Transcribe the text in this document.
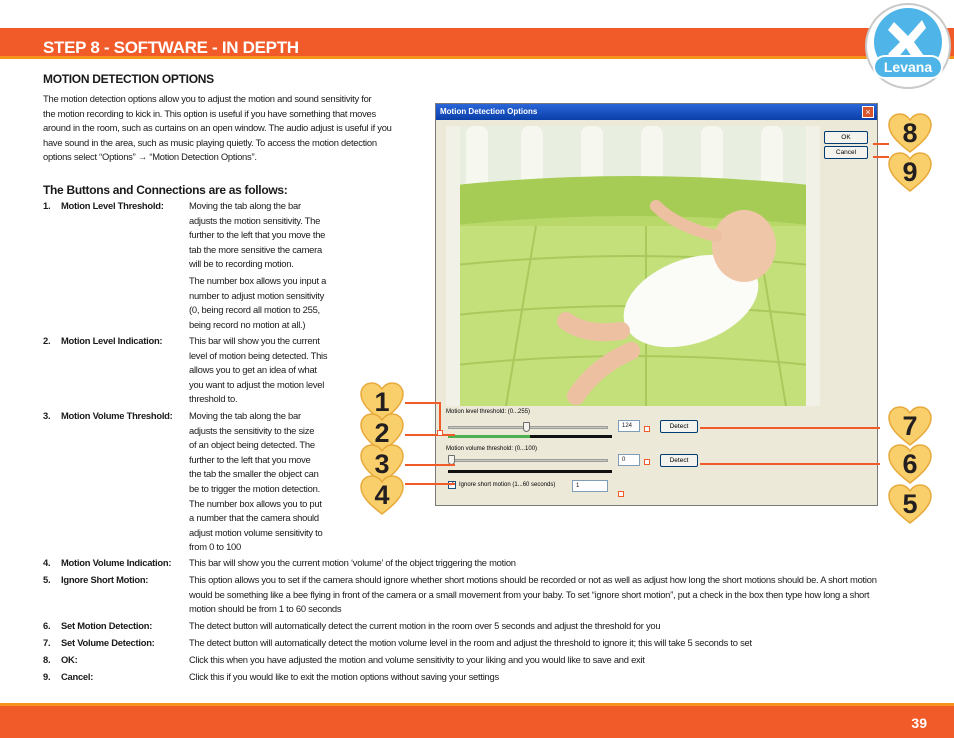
STEP 8 - SOFTWARE - IN DEPTH
Levana
MOTION DETECTION OPTIONS
The motion detection options allow you to adjust the motion and sound sensitivity for
the motion recording to kick in. This option is useful if you have something that moves
around in the room, such as curtains on an open window. The audio adjust is useful if you
have sound in the area, such as music playing quietly. To access the motion detection
options select “Options” → “Motion Detection Options”.
The Buttons and Connections are as follows:
1. Motion Level Threshold:	Moving the tab along the bar
adjusts the motion sensitivity. The
further to the left that you move the
tab the more sensitive the camera
will be to recording motion.
The number box allows you input a
number to adjust motion sensitivity
(0, being record all motion to 255,
being record no motion at all.)
2. Motion Level Indication:	This bar will show you the current
level of motion being detected. This
allows you to get an idea of what
you want to adjust the motion level
threshold to.
3. Motion Volume Threshold: Moving the tab along the bar
adjusts the sensitivity to the size
of an object being detected. The
further to the left that you move
the tab the smaller the object can
be to trigger the motion detection.
The number box allows you to put
a number that the camera should
adjust motion volume sensitivity to
from 0 to 100
4. Motion Volume Indication: This bar will show you the current motion ‘volume’ of the object triggering the motion
5. Ignore Short Motion:	This option allows you to set if the camera should ignore whether short motions should be recorded or not as well as adjust how long the short motions should be. A short motion
would be something like a bee flying in front of the camera or a small movement from your baby. To set “ignore short motion”, put a check in the box then type how long a short
motion should be from 1 to 60 seconds
6. Set Motion Detection:	The detect button will automatically detect the current motion in the room over 5 seconds and adjust the threshold for you
7. Set Volume Detection:	The detect button will automatically detect the motion volume level in the room and adjust the threshold to ignore it; this will take 5 seconds to set
8. OK:	Click this when you have adjusted the motion and volume sensitivity to your liking and you would like to save and exit
9. Cancel:	Click this if you would like to exit the motion options without saving your settings
Motion Detection Options	×
OK
Cancel
Motion level threshold: (0...255)
124	Detect
Motion volume threshold: (0...100)
0	Detect
Ignore short motion (1...60 seconds)	1
1
2
3
4	5
6
7
8
9
39
